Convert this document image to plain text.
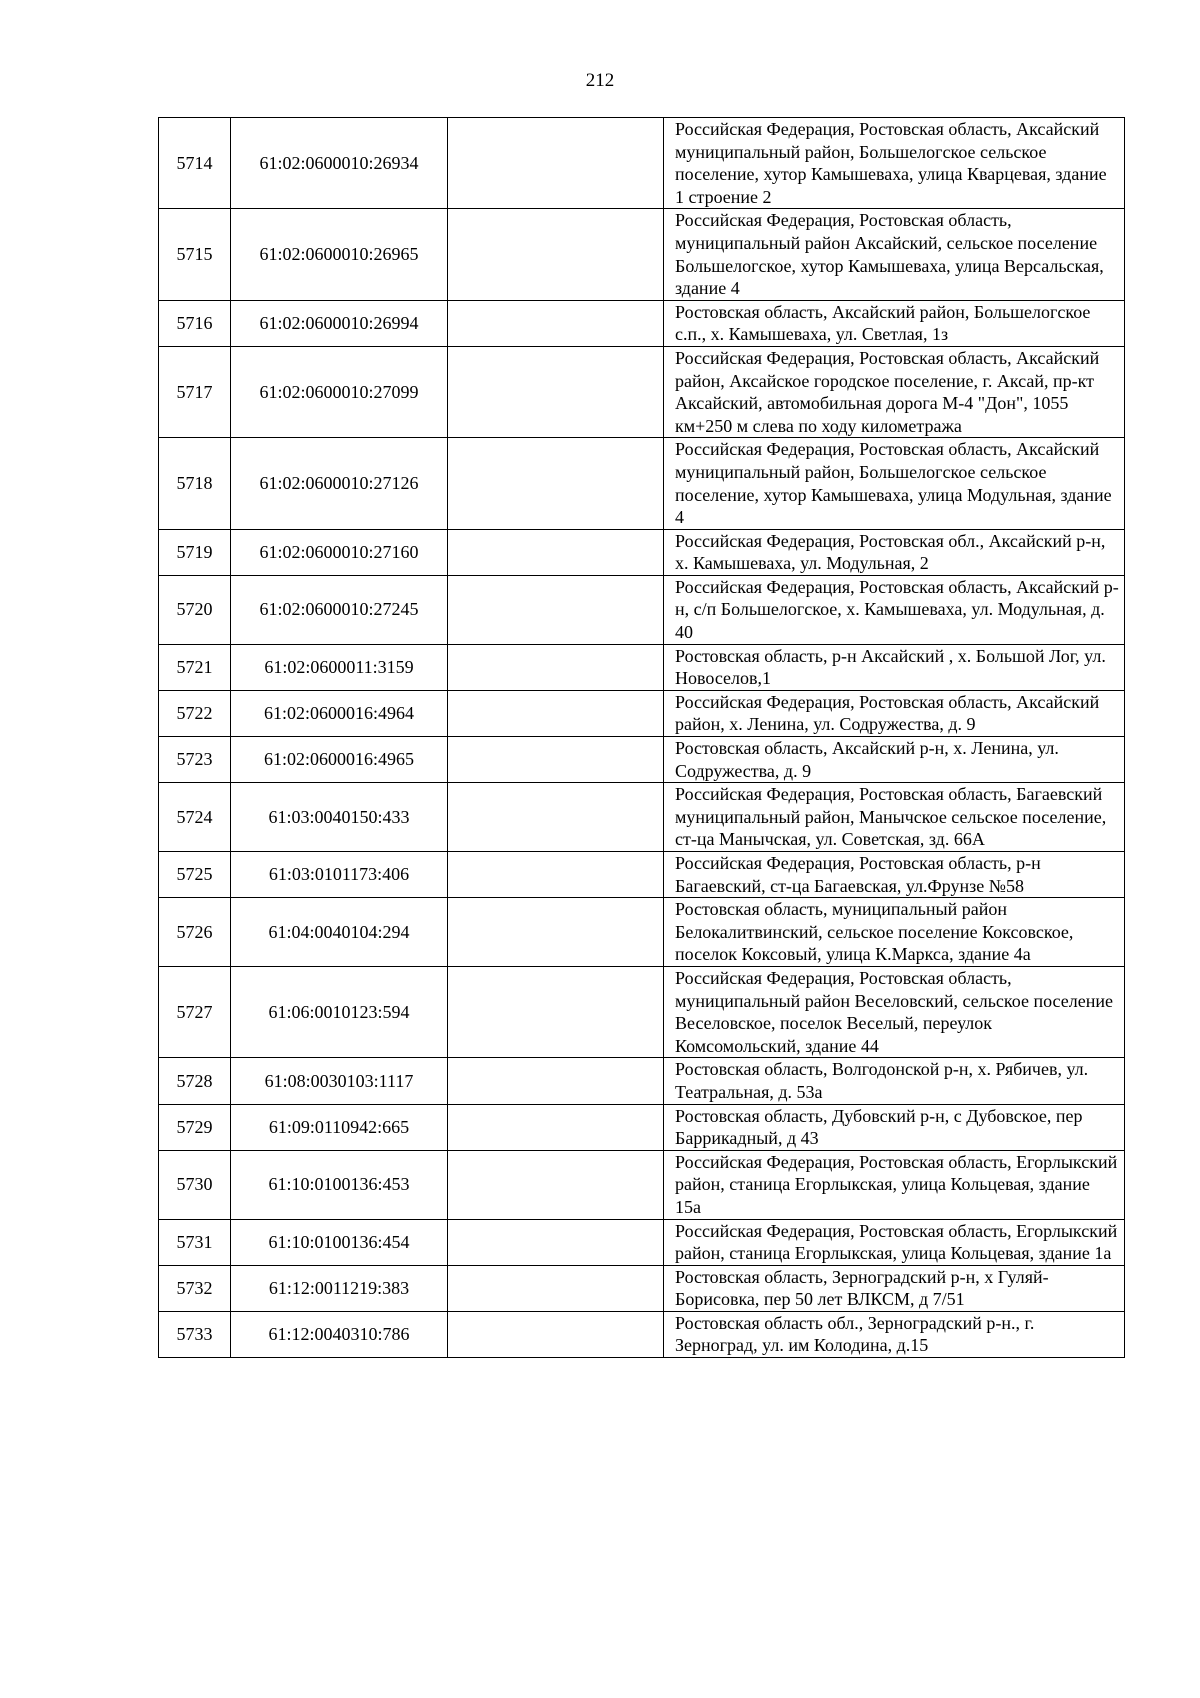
212
5714	61:02:0600010:26934		Российская Федерация, Ростовская область, Аксайский муниципальный район, Большелогское сельское поселение, хутор Камышеваха, улица Кварцевая, здание 1 строение 2
5715	61:02:0600010:26965		Российская Федерация, Ростовская область, муниципальный район Аксайский, сельское поселение Большелогское, хутор Камышеваха, улица Версальская, здание 4
5716	61:02:0600010:26994		Ростовская область, Аксайский район, Большелогское с.п., х. Камышеваха, ул. Светлая, 1з
5717	61:02:0600010:27099		Российская Федерация, Ростовская область, Аксайский район, Аксайское городское поселение, г. Аксай, пр-кт Аксайский, автомобильная дорога М-4 "Дон", 1055 км+250 м слева по ходу километража
5718	61:02:0600010:27126		Российская Федерация, Ростовская область, Аксайский муниципальный район, Большелогское сельское поселение, хутор Камышеваха, улица Модульная, здание 4
5719	61:02:0600010:27160		Российская Федерация, Ростовская обл., Аксайский р-н, х. Камышеваха, ул. Модульная, 2
5720	61:02:0600010:27245		Российская Федерация, Ростовская область, Аксайский р-н, с/п Большелогское, х. Камышеваха, ул. Модульная, д. 40
5721	61:02:0600011:3159		Ростовская область, р-н Аксайский , х. Большой Лог, ул. Новоселов,1
5722	61:02:0600016:4964		Российская Федерация, Ростовская область, Аксайский район, х. Ленина, ул. Содружества, д. 9
5723	61:02:0600016:4965		Ростовская область, Аксайский р-н, х. Ленина, ул. Содружества, д. 9
5724	61:03:0040150:433		Российская Федерация, Ростовская область, Багаевский муниципальный район, Манычское сельское поселение, ст-ца Манычская, ул. Советская, зд. 66А
5725	61:03:0101173:406		Российская Федерация, Ростовская область, р-н Багаевский, ст-ца Багаевская, ул.Фрунзе №58
5726	61:04:0040104:294		Ростовская область, муниципальный район Белокалитвинский, сельское поселение Коксовское, поселок Коксовый, улица К.Маркса, здание 4а
5727	61:06:0010123:594		Российская Федерация, Ростовская область, муниципальный район Веселовский, сельское поселение Веселовское, поселок Веселый, переулок Комсомольский, здание 44
5728	61:08:0030103:1117		Ростовская область, Волгодонской р-н, х. Рябичев, ул. Театральная, д. 53а
5729	61:09:0110942:665		Ростовская область, Дубовский р-н, с Дубовское, пер Баррикадный, д 43
5730	61:10:0100136:453		Российская Федерация, Ростовская область, Егорлыкский район, станица Егорлыкская, улица Кольцевая, здание 15а
5731	61:10:0100136:454		Российская Федерация, Ростовская область, Егорлыкский район, станица Егорлыкская, улица Кольцевая, здание 1а
5732	61:12:0011219:383		Ростовская область, Зерноградский р-н, х Гуляй-Борисовка, пер 50 лет ВЛКСМ, д 7/51
5733	61:12:0040310:786		Ростовская область обл., Зерноградский р-н., г. Зерноград, ул. им Колодина, д.15
